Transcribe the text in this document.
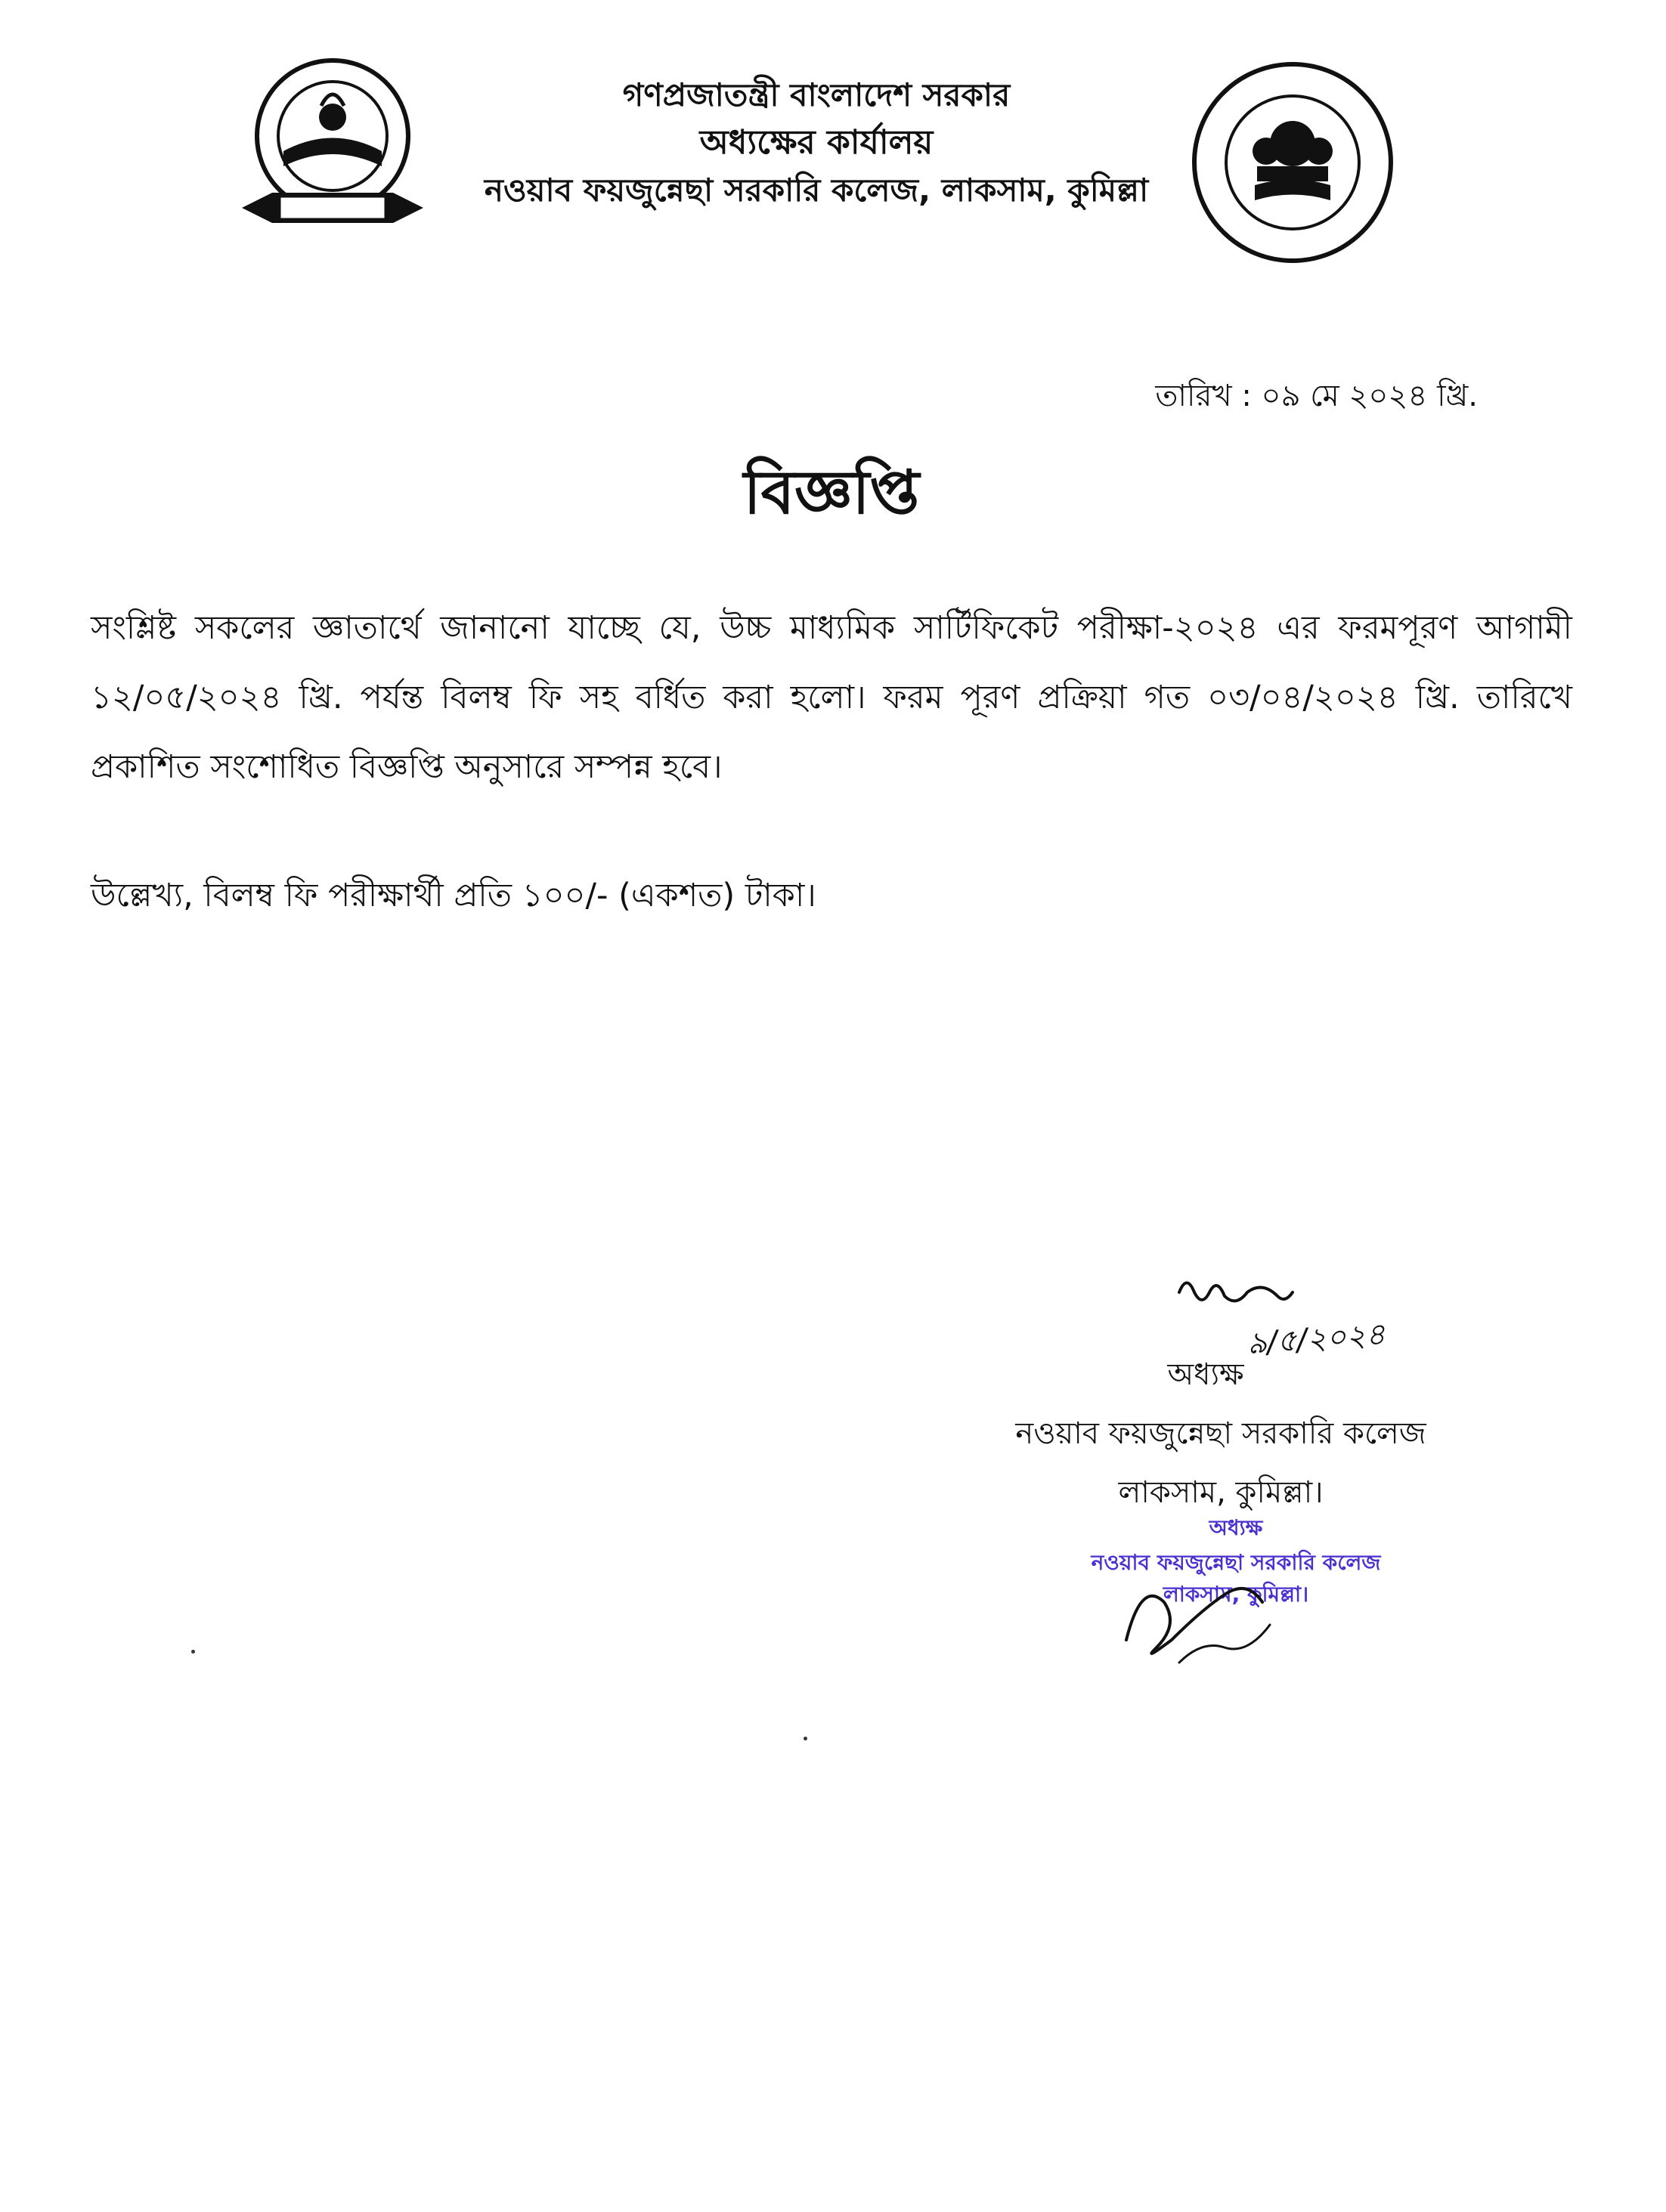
গণপ্রজাতন্ত্রী বাংলাদেশ সরকার
অধ্যক্ষের কার্যালয়
নওয়াব ফয়জুন্নেছা সরকারি কলেজ, লাকসাম, কুমিল্লা
তারিখ : ০৯ মে ২০২৪ খ্রি.
বিজ্ঞপ্তি
সংশ্লিষ্ট সকলের জ্ঞাতার্থে জানানো যাচ্ছে যে, উচ্চ মাধ্যমিক সার্টিফিকেট পরীক্ষা-২০২৪ এর ফরমপূরণ আগামী ১২/০৫/২০২৪ খ্রি. পর্যন্ত বিলম্ব ফি সহ বর্ধিত করা হলো। ফরম পূরণ প্রক্রিয়া গত ০৩/০৪/২০২৪ খ্রি. তারিখে প্রকাশিত সংশোধিত বিজ্ঞপ্তি অনুসারে সম্পন্ন হবে।
উল্লেখ্য, বিলম্ব ফি পরীক্ষার্থী প্রতি ১০০/- (একশত) টাকা।
৯/৫/২০২৪
অধ্যক্ষ
নওয়াব ফয়জুন্নেছা সরকারি কলেজ
লাকসাম, কুমিল্লা।
অধ্যক্ষ
নওয়াব ফয়জুন্নেছা সরকারি কলেজ
লাকসাম, কুমিল্লা।
